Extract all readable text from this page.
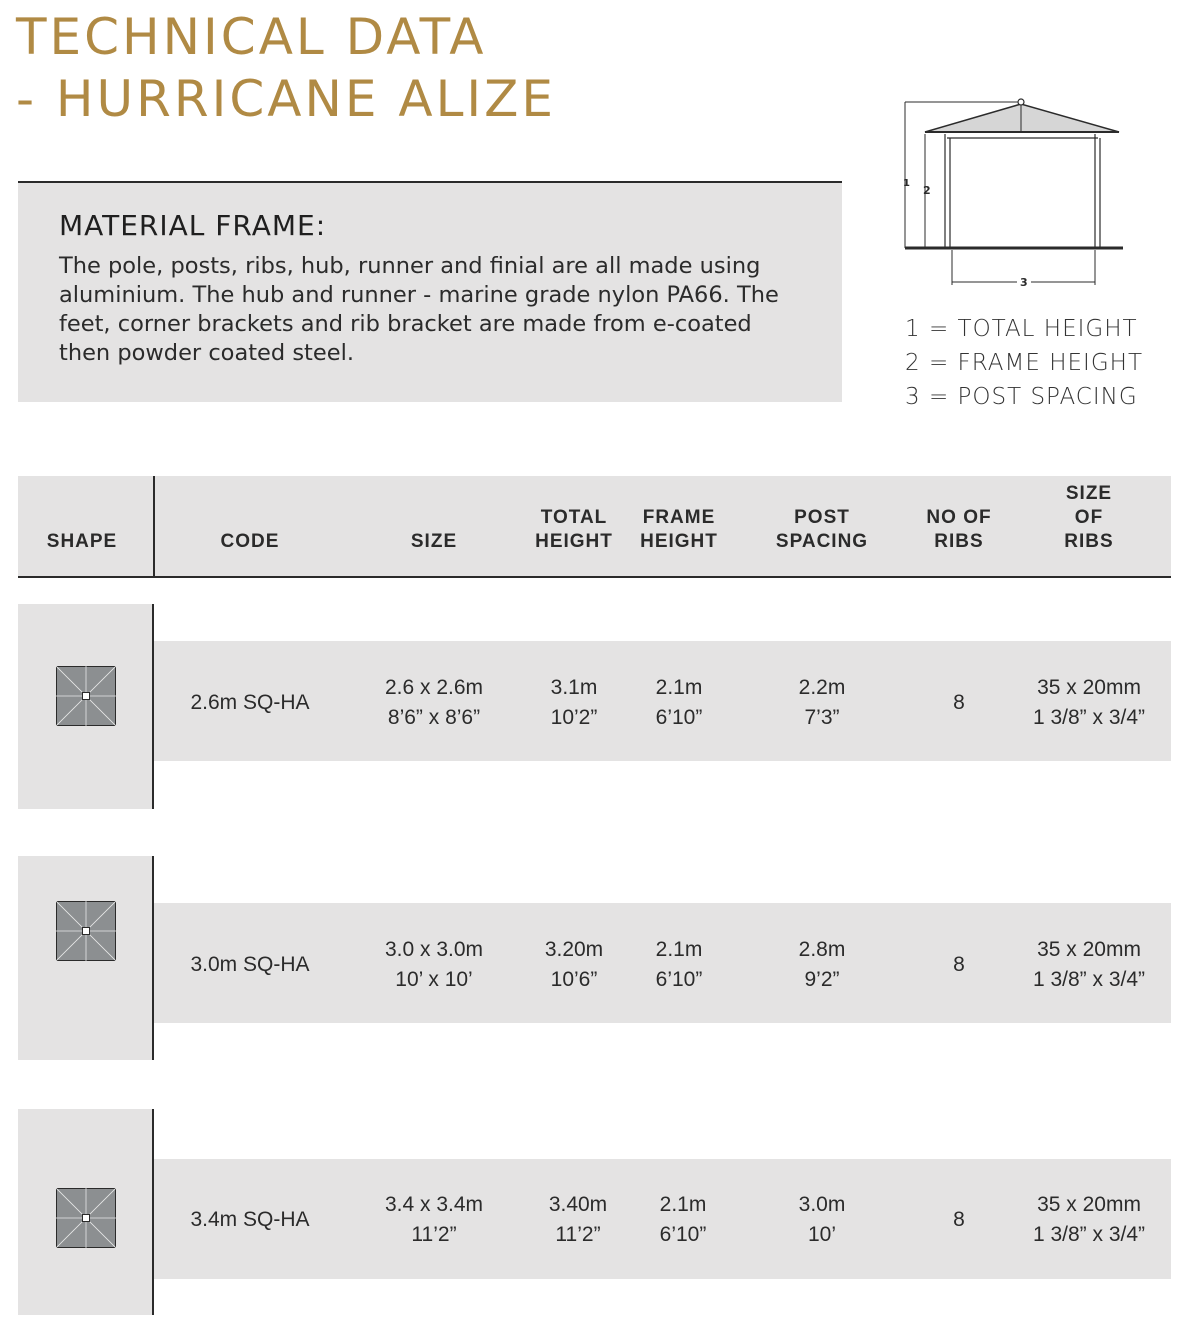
TECHNICAL DATA
- HURRICANE ALIZE
MATERIAL FRAME:

The pole, posts, ribs, hub, runner and finial are all made using aluminium. The hub and runner - marine grade nylon PA66. The feet, corner brackets and rib bracket are made from e-coated then powder coated steel.

1
2
3
1 = TOTAL HEIGHT
2 = FRAME HEIGHT
3 = POST SPACING
SHAPE	CODE	SIZE
TOTAL
HEIGHT
FRAME
HEIGHT
POST
SPACING
NO OF
RIBS
SIZE
OF RIBS
2.6m SQ-HA
2.6 x 2.6m
8’6” x 8’6”
3.1m
10’2”
2.1m
6’10”
2.2m
7’3”
8
35 x 20mm
1 3/8” x 3/4”
3.0m SQ-HA
3.0 x 3.0m
10’ x 10’
3.20m
10’6”
2.1m
6’10”
2.8m
9’2”
8
35 x 20mm
1 3/8” x 3/4”
3.4m SQ-HA
3.4 x 3.4m
11’2”
3.40m
11’2”
2.1m
6’10”
3.0m
10’
8
35 x 20mm
1 3/8” x 3/4”
